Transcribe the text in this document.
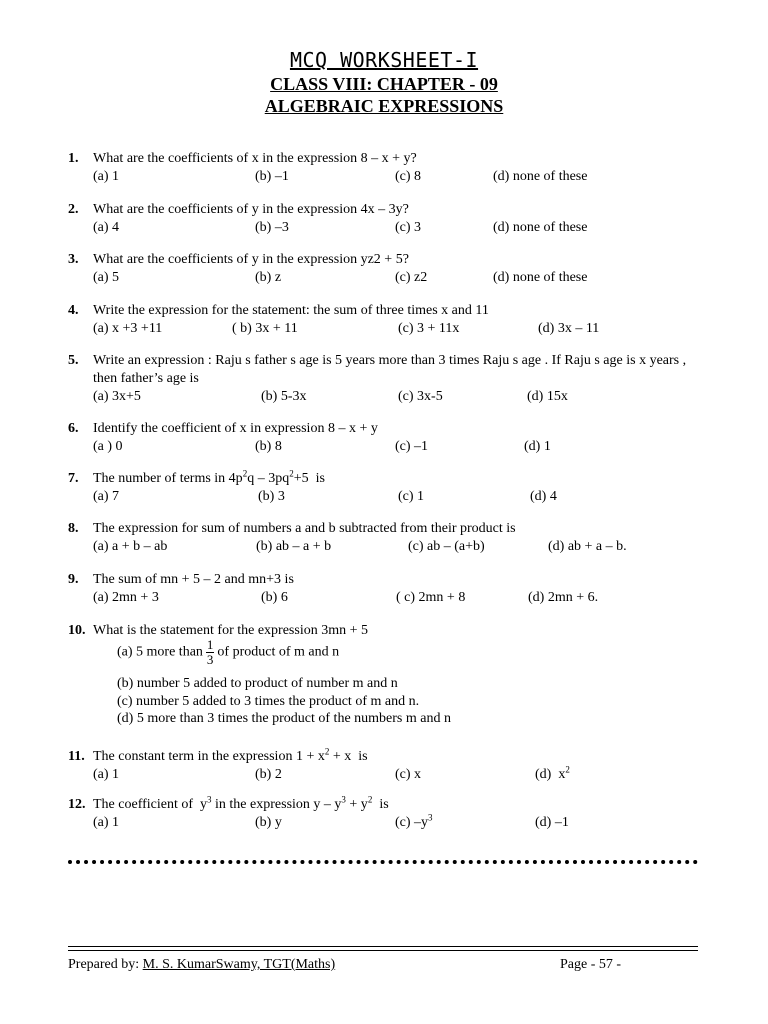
MCQ WORKSHEET-I
CLASS VIII: CHAPTER - 09
ALGEBRAIC EXPRESSIONS
1.	What are the coefficients of x in the expression 8 – x + y?
(a) 1	(b) –1	(c) 8	(d) none of these
2.	What are the coefficients of y in the expression 4x – 3y?
(a) 4	(b) –3	(c) 3	(d) none of these
3.	What are the coefficients of y in the expression yz2 + 5?
(a) 5	(b) z	(c) z2	(d) none of these
4.	Write the expression for the statement: the sum of three times x and 11
(a) x +3 +11	( b) 3x + 11	(c) 3 + 11x	(d) 3x – 11
5.	Write an expression : Raju s father s age is 5 years more than 3 times Raju s age . If Raju s age is x years , then father’s age is
(a) 3x+5	(b) 5-3x	(c) 3x-5	(d) 15x
6.	Identify the coefficient of x in expression 8 – x + y
(a ) 0	(b) 8	(c) –1	(d) 1
7.	The number of terms in $4p^2q - 3pq^2+5$  is
(a) 7	(b) 3	(c) 1	(d) 4
8.	The expression for sum of numbers a and b subtracted from their product is
(a) a + b – ab	(b) ab – a + b	(c) ab – (a+b)	(d) ab + a – b.
9.	The sum of mn + 5 – 2 and mn+3 is
(a) 2mn + 3	(b) 6	( c) 2mn + 8	(d) 2mn + 6.
10. What is the statement for the expression 3mn + 5
(a) 5 more than $\frac{1}{3}$ of product of m and n
(b) number 5 added to product of number m and n
(c) number 5 added to 3 times the product of m and n.
(d) 5 more than 3 times the product of the numbers m and n
11. The constant term in the expression $1 + x^2 + x$  is
(a) 1	(b) 2	(c) x	(d)  $x^2$
12. The coefficient of  $y^3$ in the expression $y - y^3 + y^2$  is
(a) 1	(b) y	(c) $-y^3$	(d) –1
Prepared by: M. S. KumarSwamy, TGT(Maths)	Page - 57 -
